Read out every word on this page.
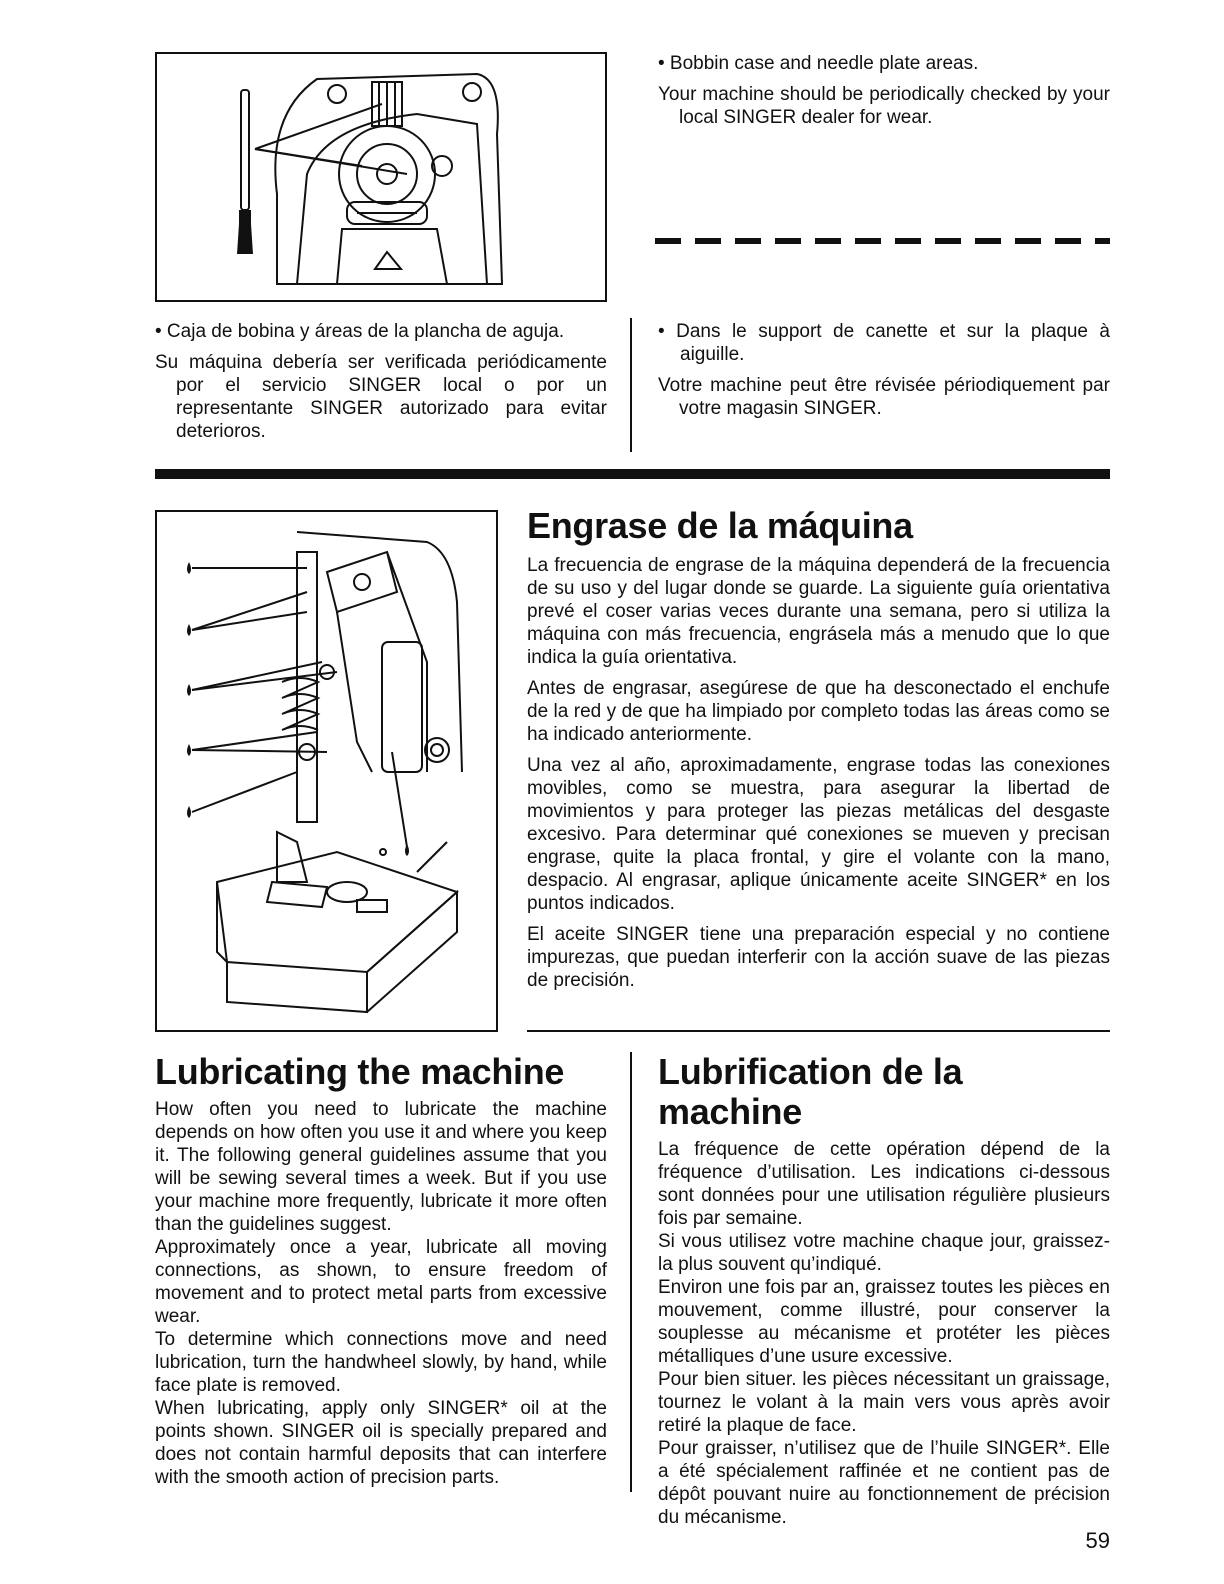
• Bobbin case and needle plate areas.

Your machine should be periodically checked by your local SINGER dealer for wear.

• Caja de bobina y áreas de la plancha de aguja.

Su máquina debería ser verificada periódicamente por el servicio SINGER local o por un representante SINGER autorizado para evitar deterioros.

• Dans le support de canette et sur la plaque à aiguille.

Votre machine peut être révisée périodiquement par votre magasin SINGER.

Engrase de la máquina

La frecuencia de engrase de la máquina dependerá de la frecuencia de su uso y del lugar donde se guarde. La siguiente guía orientativa prevé el coser varias veces durante una semana, pero si utiliza la máquina con más frecuencia, engrásela más a menudo que lo que indica la guía orientativa.

Antes de engrasar, asegúrese de que ha desconectado el enchufe de la red y de que ha limpiado por completo todas las áreas como se ha indicado anteriormente.

Una vez al año, aproximadamente, engrase todas las conexiones movibles, como se muestra, para asegurar la libertad de movimientos y para proteger las piezas metálicas del desgaste excesivo. Para determinar qué conexiones se mueven y precisan engrase, quite la placa frontal, y gire el volante con la mano, despacio. Al engrasar, aplique únicamente aceite SINGER* en los puntos indicados.

El aceite SINGER tiene una preparación especial y no contiene impurezas, que puedan interferir con la acción suave de las piezas de precisión.

Lubricating the machine

How often you need to lubricate the machine depends on how often you use it and where you keep it. The following general guidelines assume that you will be sewing several times a week. But if you use your machine more frequently, lubricate it more often than the guidelines suggest.

Approximately once a year, lubricate all moving connections, as shown, to ensure freedom of movement and to protect metal parts from excessive wear.

To determine which connections move and need lubrication, turn the handwheel slowly, by hand, while face plate is removed.

When lubricating, apply only SINGER* oil at the points shown. SINGER oil is specially prepared and does not contain harmful deposits that can interfere with the smooth action of precision parts.

Lubrification de la machine

La fréquence de cette opération dépend de la fréquence d’utilisation. Les indications ci-dessous sont données pour une utilisation régulière plusieurs fois par semaine.

Si vous utilisez votre machine chaque jour, graissez-la plus souvent qu’indiqué.

Environ une fois par an, graissez toutes les pièces en mouvement, comme illustré, pour conserver la souplesse au mécanisme et protéter les pièces métalliques d’une usure excessive.

Pour bien situer. les pièces nécessitant un graissage, tournez le volant à la main vers vous après avoir retiré la plaque de face.

Pour graisser, n’utilisez que de l’huile SINGER*. Elle a été spécialement raffinée et ne contient pas de dépôt pouvant nuire au fonctionnement de précision du mécanisme.

59
